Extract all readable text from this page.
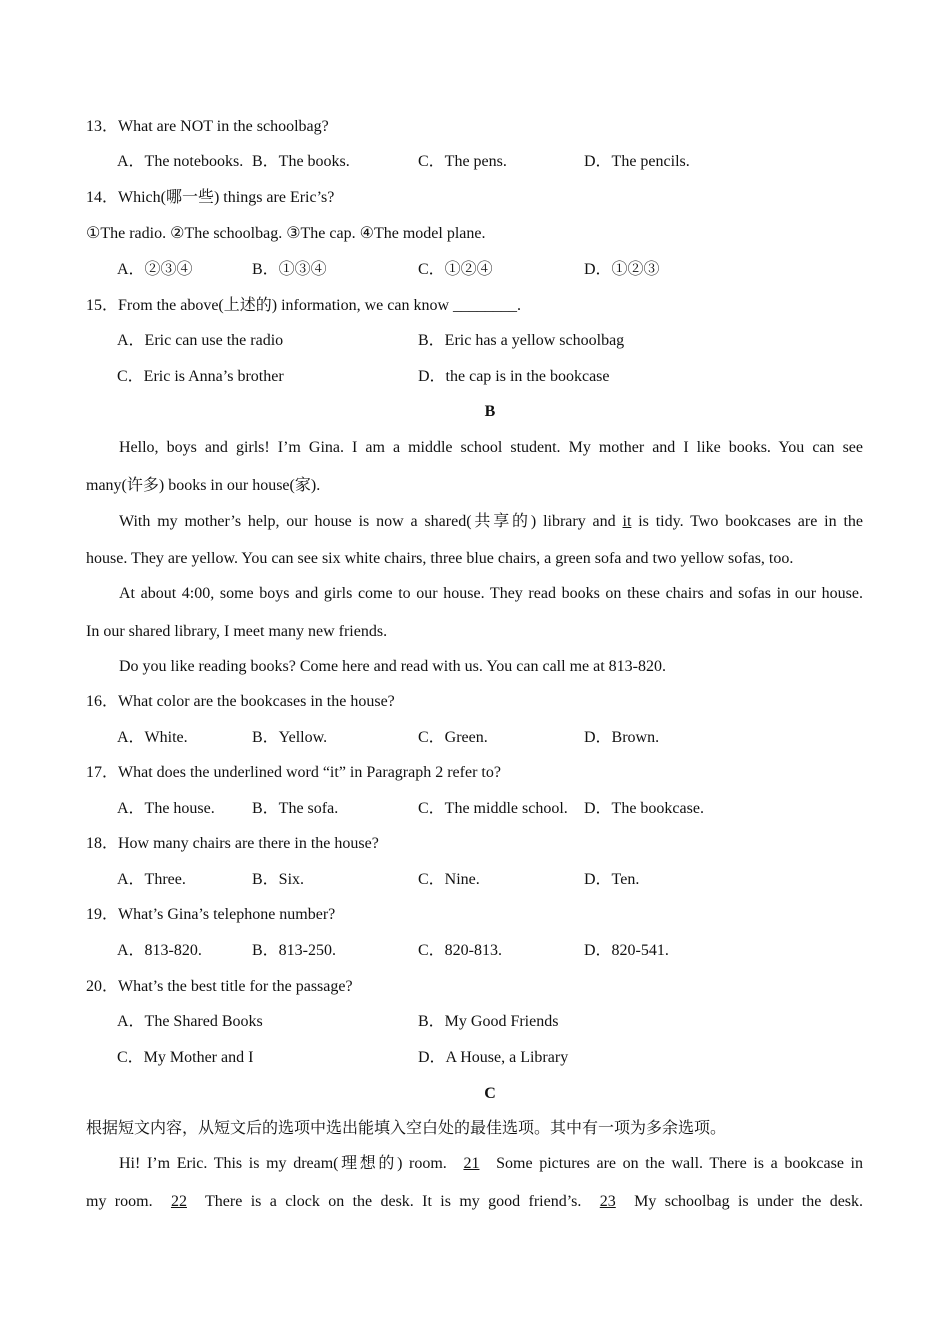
13．What are NOT in the schoolbag?
A．The notebooks. B．The books.	C．The pens.	D．The pencils.
14．Which(哪一些) things are Eric’s?
①The radio. ②The schoolbag. ③The cap. ④The model plane.
A．②③④	B．①③④	C．①②④	D．①②③
15．From the above(上述的) information, we can know ________.
A．Eric can use the radio	B．Eric has a yellow schoolbag
C．Eric is Anna’s brother	D．the cap is in the bookcase
B
Hello, boys and girls! I’m Gina. I am a middle school student. My mother and I like books. You can see
many(许多) books in our house(家).
With my mother’s help, our house is now a shared(共享的) library and it is tidy. Two bookcases are in the
house. They are yellow. You can see six white chairs, three blue chairs, a green sofa and two yellow sofas, too.
At about 4:00, some boys and girls come to our house. They read books on these chairs and sofas in our house.
In our shared library, I meet many new friends.
Do you like reading books? Come here and read with us. You can call me at 813-820.
16．What color are the bookcases in the house?
A．White.	B．Yellow.	C．Green.	D．Brown.
17．What does the underlined word “it” in Paragraph 2 refer to?
A．The house. B．The sofa.	C．The middle school. D．The bookcase.
18．How many chairs are there in the house?
A．Three.	B．Six.	C．Nine.	D．Ten.
19．What’s Gina’s telephone number?
A．813-820.	B．813-250.	C．820-813.	D．820-541.
20．What’s the best title for the passage?
A．The Shared Books	B．My Good Friends
C．My Mother and I	D．A House, a Library
C
根据短文内容，从短文后的选项中选出能填入空白处的最佳选项。其中有一项为多余选项。
Hi! I’m Eric. This is my dream(理想的) room. 21 Some pictures are on the wall. There is a bookcase in
my room. 22 There is a clock on the desk. It is my good friend’s. 23 My schoolbag is under the desk.
